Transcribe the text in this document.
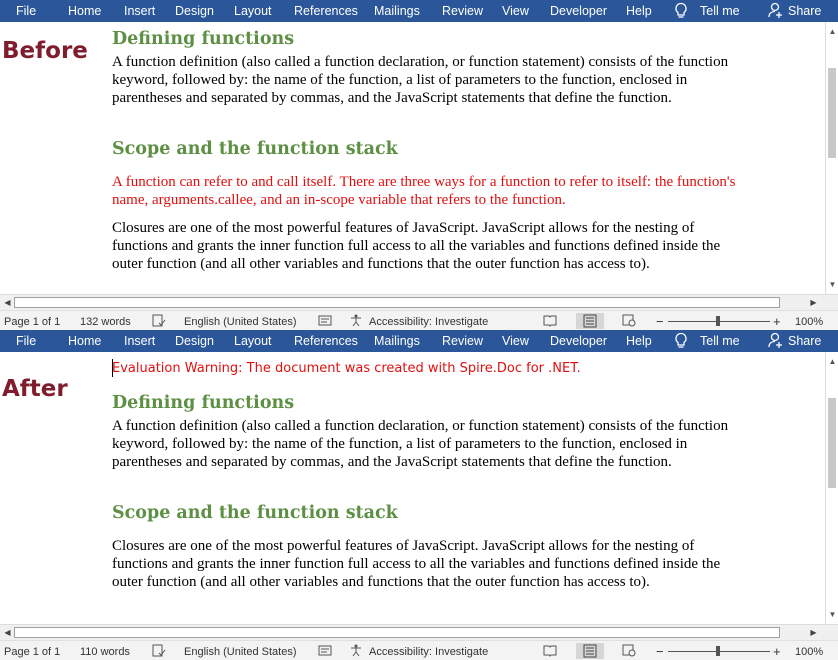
File	Home Insert Design Layout References Mailings Review View Developer Help	Tell me	Share
Before Defining functions
A function definition (also called a function declaration, or function statement) consists of the function keyword, followed by: the name of the function, a list of parameters to the function, enclosed in parentheses and separated by commas, and the JavaScript statements that define the function.
Scope and the function stack
A function can refer to and call itself. There are three ways for a function to refer to itself: the function's name, arguments.callee, and an in-scope variable that refers to the function.
Closures are one of the most powerful features of JavaScript. JavaScript allows for the nesting of functions and grants the inner function full access to all the variables and functions defined inside the outer function (and all other variables and functions that the outer function has access to).
▲
▼
◀	▶
Page 1 of 1 132 words	English (United States)	Accessibility: Investigate	−	+ 100%
File	Home Insert Design Layout References Mailings Review View Developer Help	Tell me	Share
Evaluation Warning: The document was created with Spire.Doc for .NET.
After
Defining functions
A function definition (also called a function declaration, or function statement) consists of the function keyword, followed by: the name of the function, a list of parameters to the function, enclosed in parentheses and separated by commas, and the JavaScript statements that define the function.
Scope and the function stack
Closures are one of the most powerful features of JavaScript. JavaScript allows for the nesting of functions and grants the inner function full access to all the variables and functions defined inside the outer function (and all other variables and functions that the outer function has access to).
▲
▼
◀	▶
Page 1 of 1 110 words	English (United States)	Accessibility: Investigate	−	+ 100%
